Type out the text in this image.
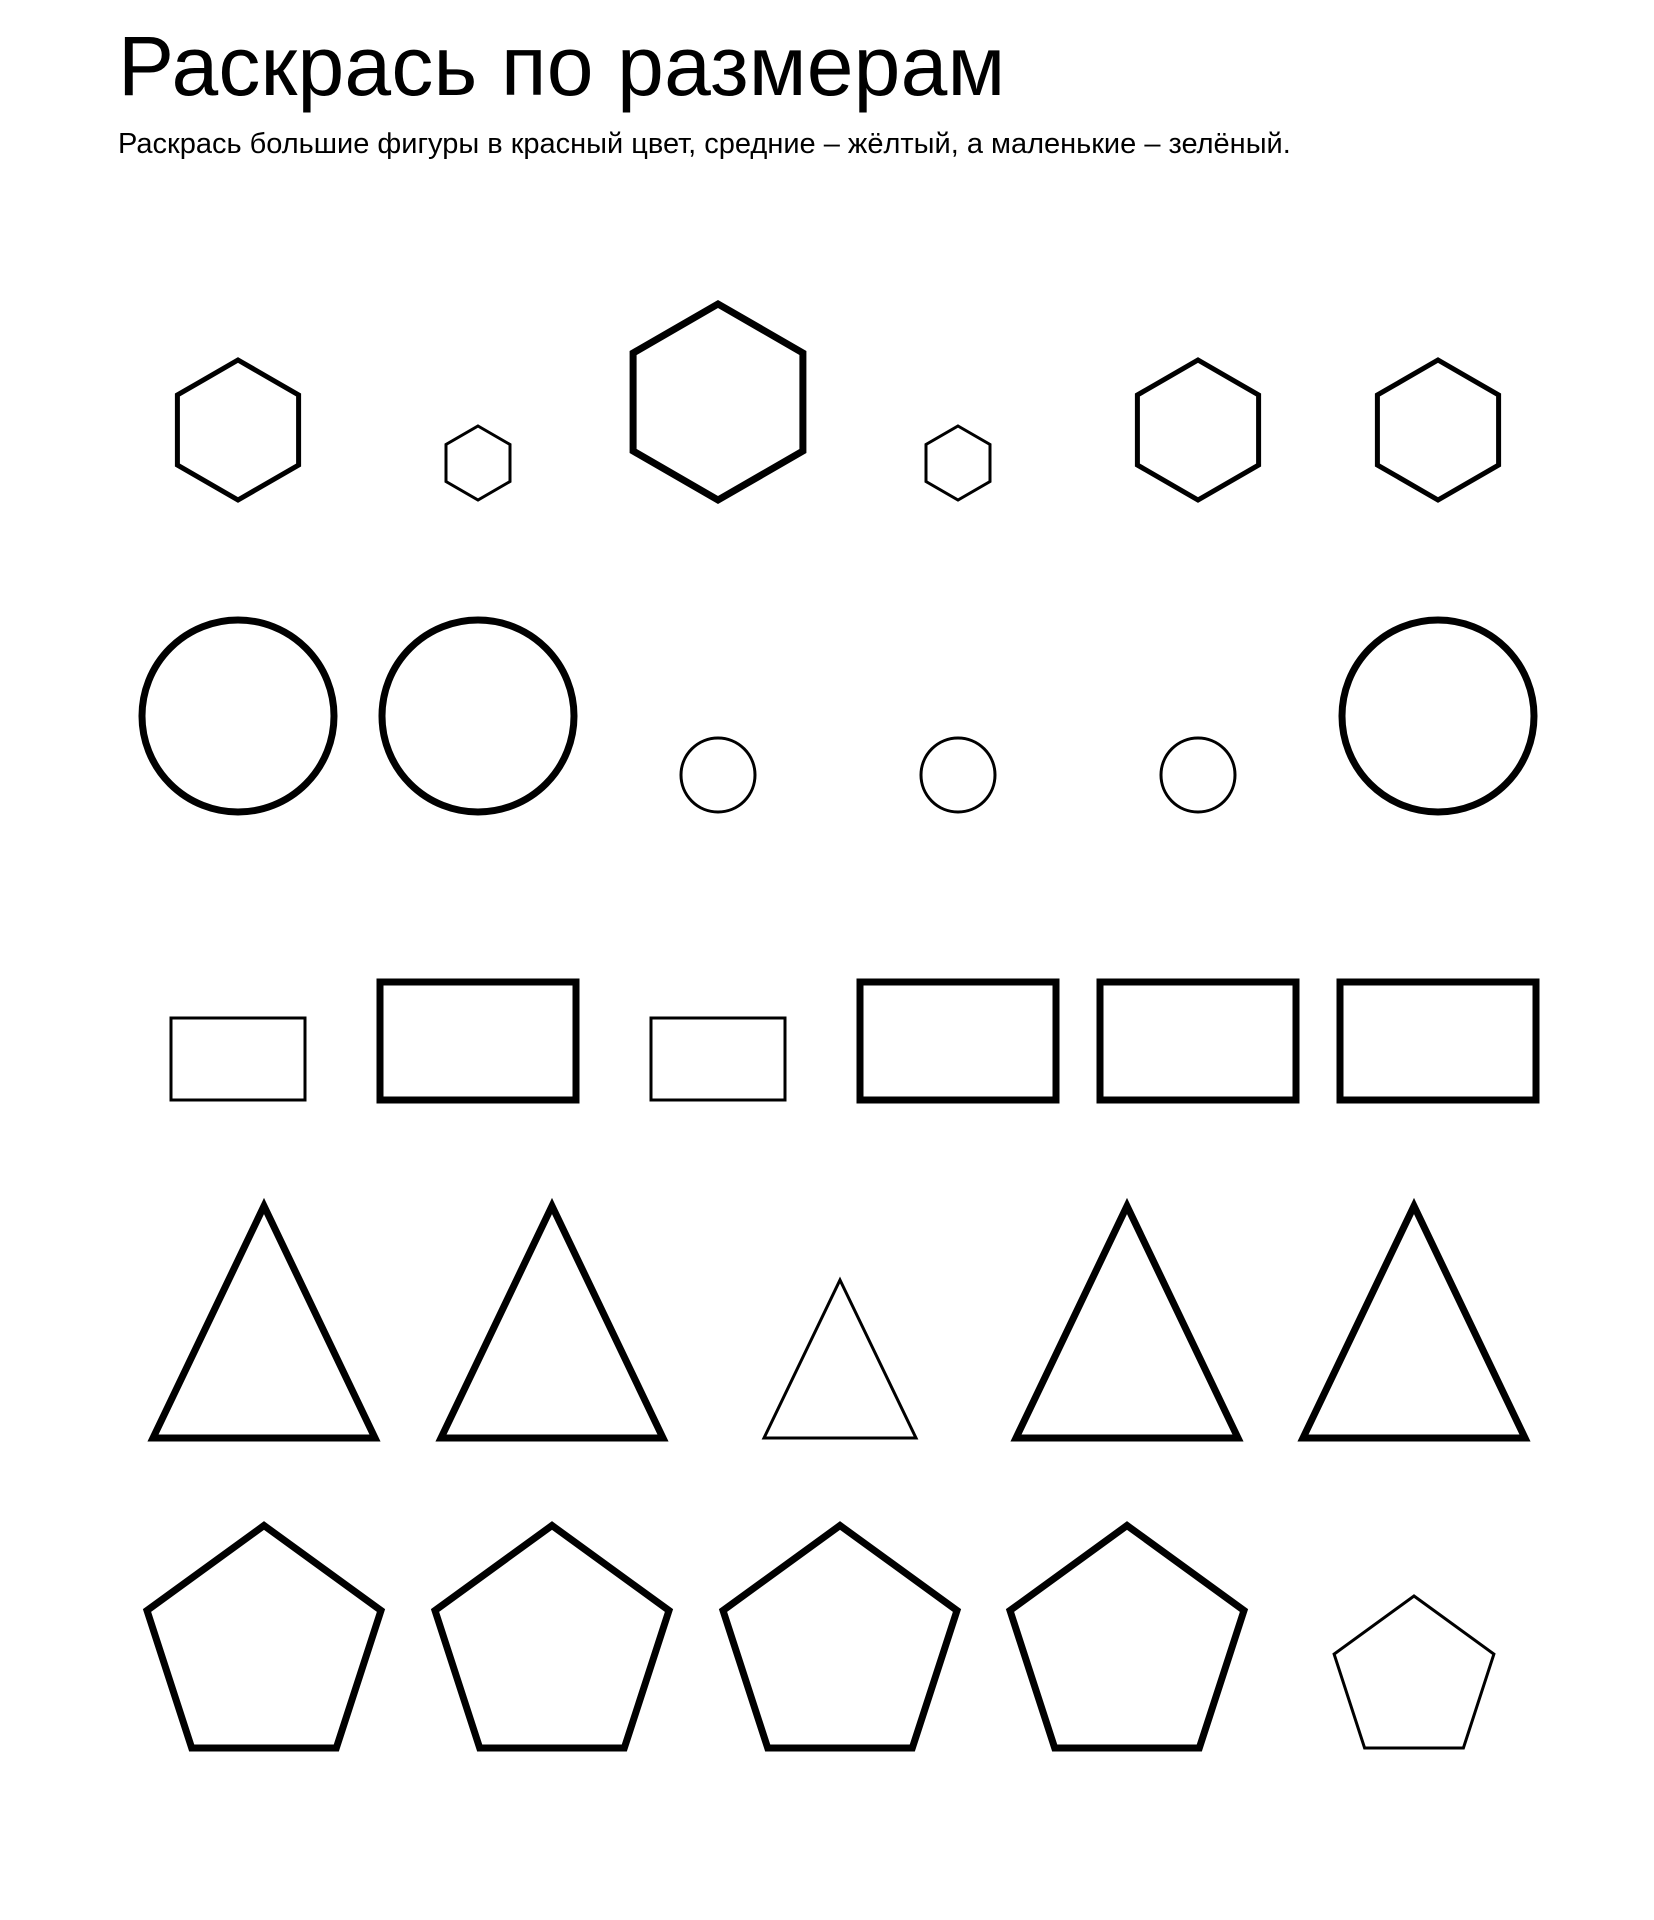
Раскрась по размерам

Раскрась большие фигуры в красный цвет, средние – жёлтый, а маленькие – зелёный.
